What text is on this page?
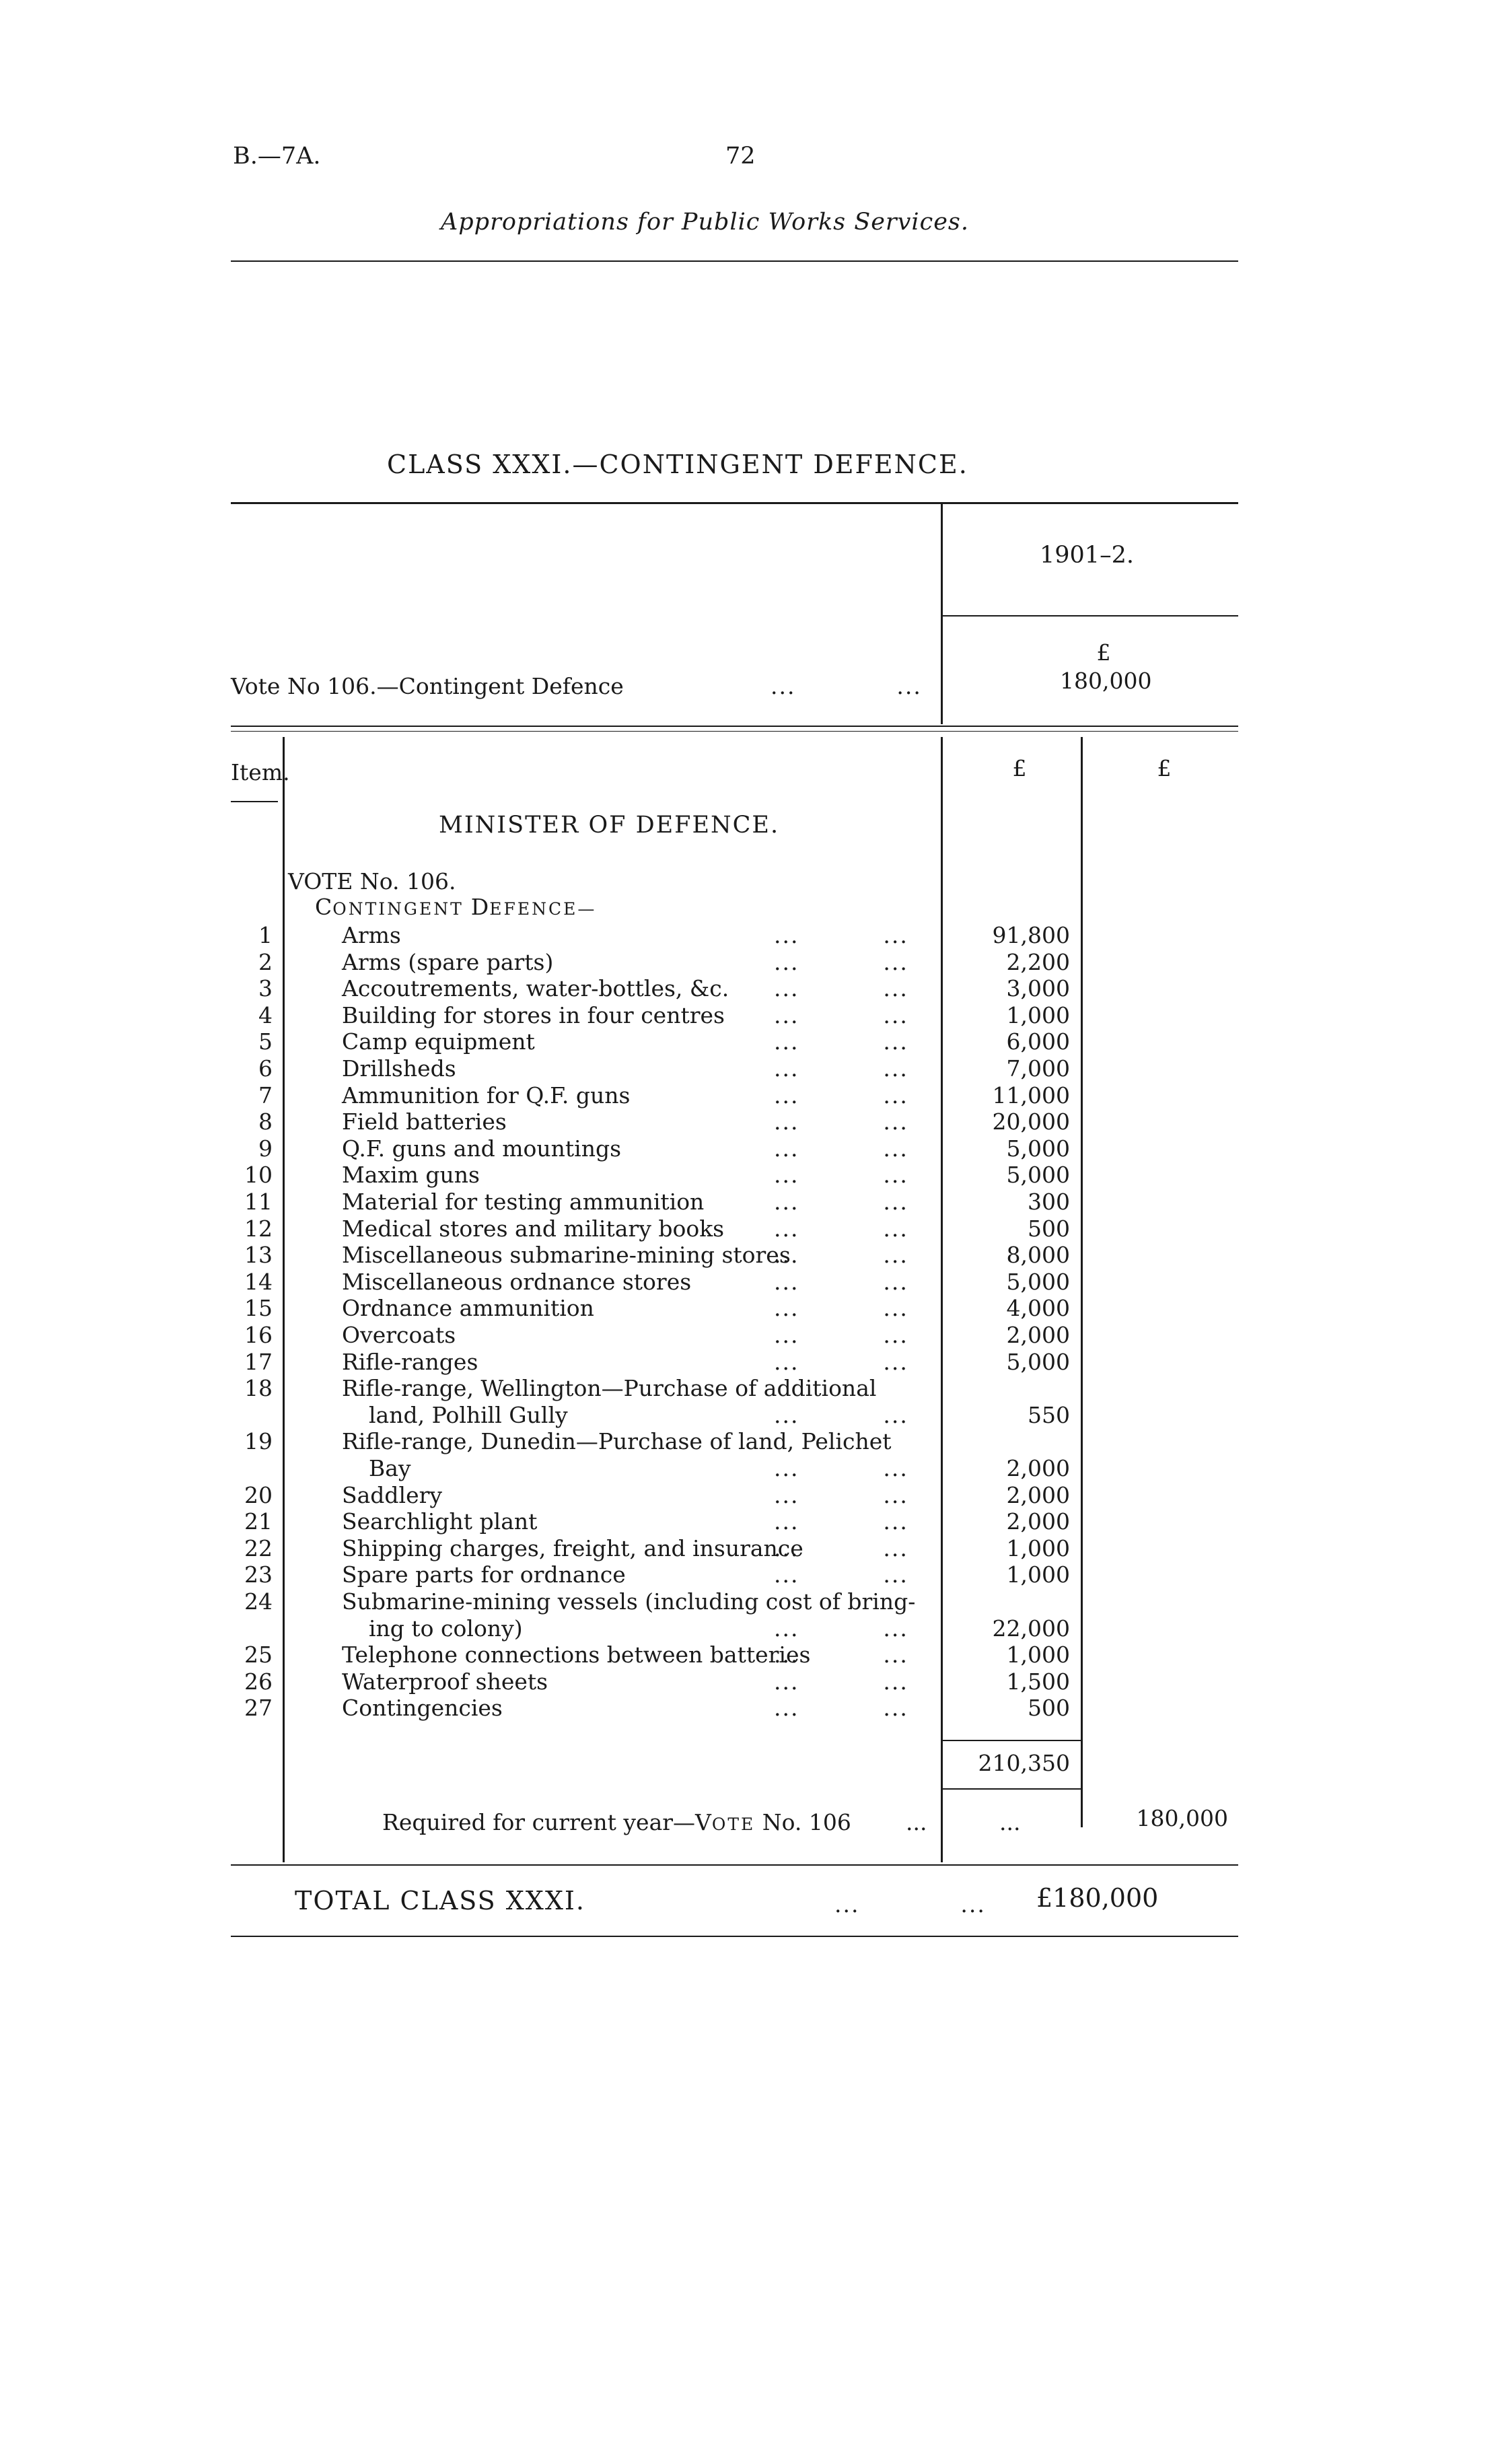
B.—7A.	72
Appropriations for Public Works Services.
CLASS XXXI.—CONTINGENT DEFENCE.
1901–2.
£
Vote No 106.—Contingent Defence	...            ...	180,000
Item.	£	£
MINISTER OF DEFENCE.
VOTE No. 106.
CONTINGENT DEFENCE—
1	Arms	...          ...	91,800
2	Arms (spare parts)	...          ...	2,200
3	Accoutrements, water-bottles, &c. ...          ...	3,000
4	Building for stores in four centres ...          ...	1,000
5	Camp equipment	...          ...	6,000
6	Drillsheds	...          ...	7,000
7	Ammunition for Q.F. guns	...          ...	11,000
8	Field batteries	...          ...	20,000
9	Q.F. guns and mountings	...          ...	5,000
10	Maxim guns	...          ...	5,000
11	Material for testing ammunition	...          ...	300
12	Medical stores and military books ...          ...	500
13	Miscellaneous submarine-mining stores
...          ...	8,000
14	Miscellaneous ordnance stores	...          ...	5,000
15	Ordnance ammunition	...          ...	4,000
16	Overcoats	...          ...	2,000
17	Rifle-ranges	...          ...	5,000
18	Rifle-range, Wellington—Purchase of additional
land, Polhill Gully	...          ...	550
19	Rifle-range, Dunedin—Purchase of land, Pelichet
Bay	...          ...	2,000
20	Saddlery	...          ...	2,000
21	Searchlight plant	...          ...	2,000
22	Shipping charges, freight, and insurance
...          ...	1,000
23	Spare parts for ordnance	...          ...	1,000
24	Submarine-mining vessels (including cost of bring-
ing to colony)	...          ...	22,000
25	Telephone connections between batteries
...          ...	1,000
26	Waterproof sheets	...          ...	1,500
27	Contingencies	...          ...	500
210,350
Required for current year—VOTE No. 106 ...	...	180,000
TOTAL CLASS XXXI.	...            ... £180,000
